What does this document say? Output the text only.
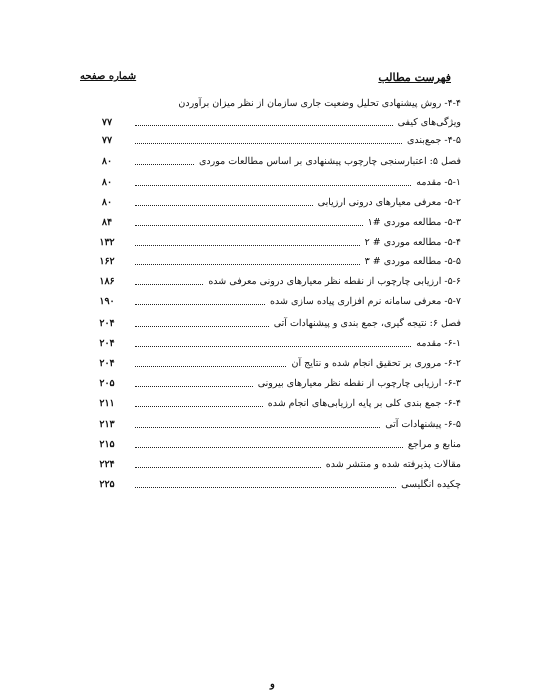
فهرست مطالب
شماره صفحه
۴-۴- روش پیشنهادی تحلیل وضعیت جاری سازمان از نظر میزان برآوردن
ویژگی‌های کیفی
۷۷
۴-۵- جمع‌بندی
۷۷
فصل ۵: اعتبارسنجی چارچوب پیشنهادی بر اساس مطالعات موردی
۸۰
۵-۱- مقدمه
۸۰
۵-۲- معرفی معیارهای درونی ارزیابی
۸۰
۵-۳- مطالعه موردی #۱
۸۴
۵-۴- مطالعه موردی # ۲
۱۳۲
۵-۵- مطالعه موردی # ۳
۱۶۲
۵-۶- ارزیابی چارچوب از نقطه نظر معیارهای درونی معرفی شده
۱۸۶
۵-۷- معرفی سامانه نرم افزاری پیاده سازی شده
۱۹۰
فصل ۶: نتیجه گیری، جمع بندی و پیشنهادات آتی
۲۰۴
۶-۱- مقدمه
۲۰۴
۶-۲- مروری بر تحقیق انجام شده و نتایج آن
۲۰۴
۶-۳- ارزیابی چارچوب از نقطه نظر معیارهای بیرونی
۲۰۵
۶-۴- جمع بندی کلی بر پایه ارزیابی‌های انجام شده
۲۱۱
۶-۵- پیشنهادات آتی
۲۱۳
منابع و مراجع
۲۱۵
مقالات پذیرفته شده و منتشر شده
۲۲۴
چکیده انگلیسی
۲۲۵
و
